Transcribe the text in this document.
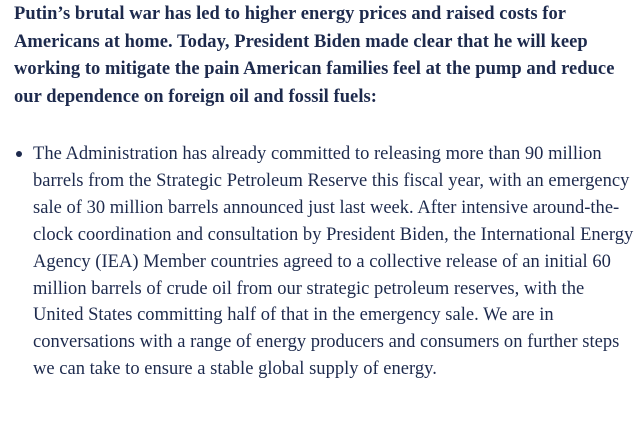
Putin’s brutal war has led to higher energy prices and raised costs for Americans at home. Today, President Biden made clear that he will keep working to mitigate the pain American families feel at the pump and reduce our dependence on foreign oil and fossil fuels:

The Administration has already committed to releasing more than 90 million barrels from the Strategic Petroleum Reserve this fiscal year, with an emergency sale of 30 million barrels announced just last week. After intensive around-the-clock coordination and consultation by President Biden, the International Energy Agency (IEA) Member countries agreed to a collective release of an initial 60 million barrels of crude oil from our strategic petroleum reserves, with the United States committing half of that in the emergency sale. We are in conversations with a range of energy producers and consumers on further steps we can take to ensure a stable global supply of energy.
